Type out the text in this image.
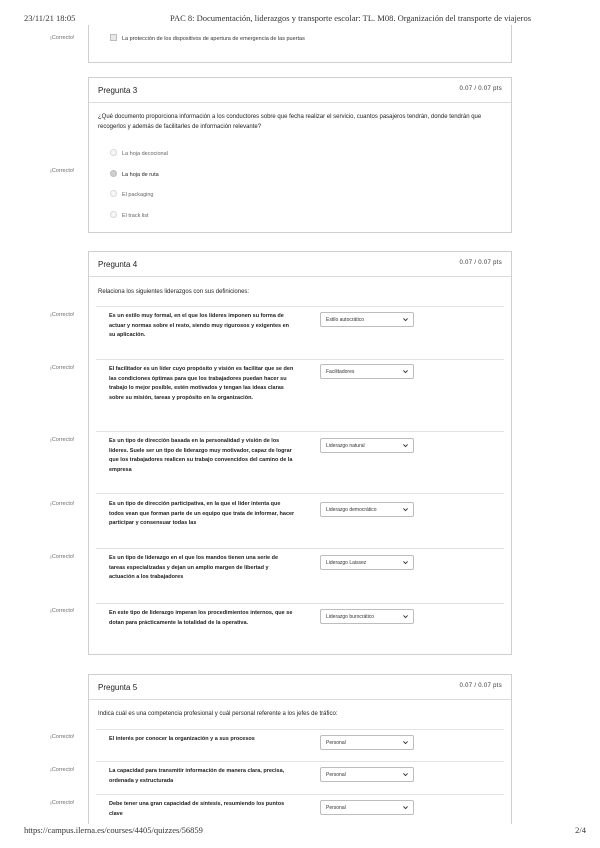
23/11/21 18:05	PAC 8: Documentación, liderazgos y transporte escolar: TL. M08. Organización del transporte de viajeros
La protección de los dispositivos de apertura de emergencia de las puertas
¡Correcto!
Pregunta 3	0.07 / 0.07 pts
¿Qué documento proporciona información a los conductores sobre que fecha realizar el servicio, cuantos pasajeros tendrán, donde tendrán que recogerlos y además de facilitarles de información relevante?
La hoja decocional
La hoja de ruta
El packaging
El track list
¡Correcto!
Pregunta 4	0.07 / 0.07 pts
Relaciona los siguientes liderazgos con sus definiciones:
Es un estilo muy formal, en el que los líderes imponen su forma de actuar y normas sobre el resto, siendo muy rigurosos y exigentes en su aplicación.
Estilo autocrático
¡Correcto!
El facilitador es un líder cuyo propósito y visión es facilitar que se den las condiciones óptimas para que los trabajadores puedan hacer su trabajo lo mejor posible, estén motivados y tengan las ideas claras sobre su misión, tareas y propósito en la organización.
Facilitadores
¡Correcto!
Es un tipo de dirección basada en la personalidad y visión de los líderes. Suele ser un tipo de liderazgo muy motivador, capaz de lograr que los trabajadores realicen su trabajo convencidos del camino de la empresa
Liderazgo natural
¡Correcto!
Es un tipo de dirección participativa, en la que el líder intenta que todos vean que forman parte de un equipo que trata de informar, hacer participar y consensuar todas las
Liderazgo democrático
¡Correcto!
Es un tipo de liderazgo en el que los mandos tienen una serie de tareas especializadas y dejan un amplio margen de libertad y actuación a los trabajadores
Liderazgo Laissez
¡Correcto!
En este tipo de liderazgo imperan los procedimientos internos, que se dotan para prácticamente la totalidad de la operativa.
Liderazgo burocrático
¡Correcto!
Pregunta 5	0.07 / 0.07 pts
Indica cuál es una competencia profesional y cuál personal referente a los jefes de tráfico:
El interés por conocer la organización y a sus procesos
Personal
¡Correcto!
La capacidad para transmitir información de manera clara, precisa, ordenada y estructurada
Personal
¡Correcto!
Debe tener una gran capacidad de síntesis, resumiendo los puntos clave
Personal
¡Correcto!
https://campus.ilerna.es/courses/4405/quizzes/56859	2/4
